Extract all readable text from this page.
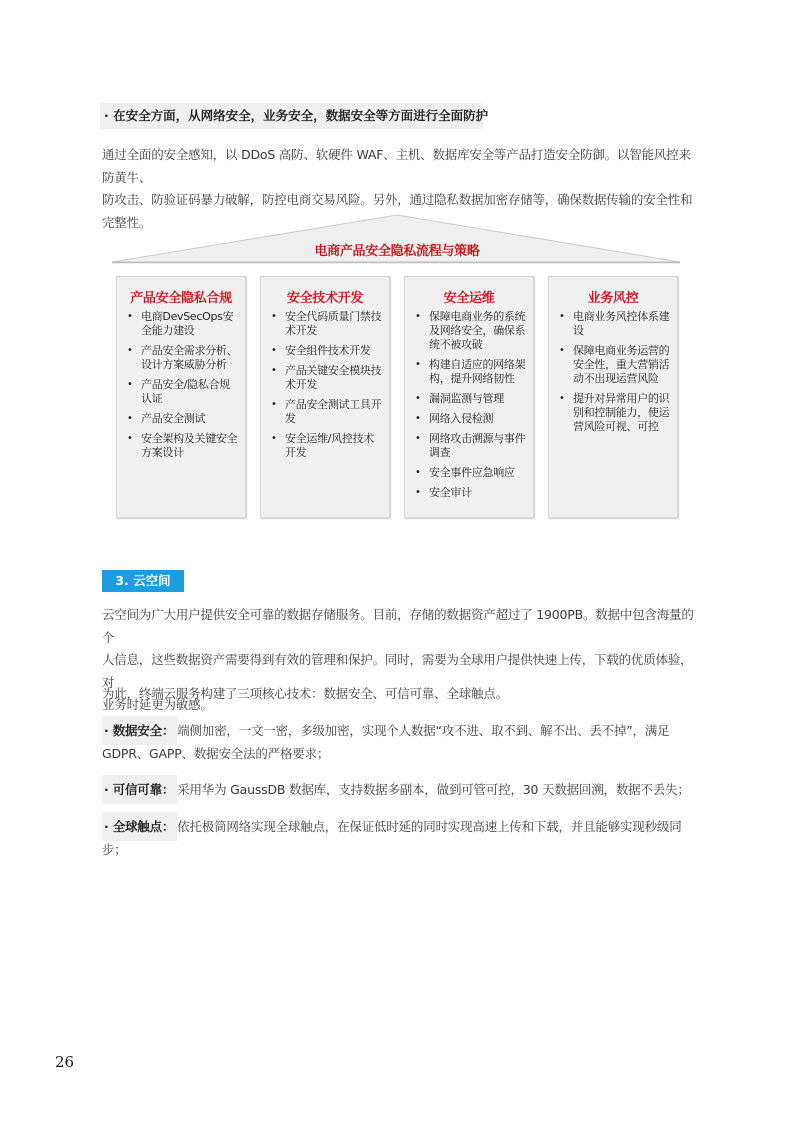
· 在安全方面，从网络安全，业务安全，数据安全等方面进行全面防护
通过全面的安全感知，以 DDoS 高防、软硬件 WAF、主机、数据库安全等产品打造安全防御。以智能风控来防黄牛、
防攻击、防验证码暴力破解，防控电商交易风险。另外，通过隐私数据加密存储等，确保数据传输的安全性和完整性。
电商产品安全隐私流程与策略
产品安全隐私合规
• 电商DevSecOps安全能力建设
• 产品安全需求分析、设计方案威胁分析
• 产品安全/隐私合规认证
• 产品安全测试
• 安全架构及关键安全方案设计
安全技术开发
• 安全代码质量门禁技术开发
• 安全组件技术开发
• 产品关键安全模块技术开发
• 产品安全测试工具开发
• 安全运维/风控技术开发
安全运维
• 保障电商业务的系统及网络安全，确保系统不被攻破
• 构建自适应的网络架构，提升网络韧性
• 漏洞监测与管理
• 网络入侵检测
• 网络攻击溯源与事件调查
• 安全事件应急响应
• 安全审计
业务风控
• 电商业务风控体系建设
• 保障电商业务运营的安全性，重大营销活动不出现运营风险
• 提升对异常用户的识别和控制能力，使运营风险可视、可控
3. 云空间
云空间为广大用户提供安全可靠的数据存储服务。目前，存储的数据资产超过了 1900PB。数据中包含海量的个
人信息，这些数据资产需要得到有效的管理和保护。同时，需要为全球用户提供快速上传，下载的优质体验，对
业务时延更为敏感。
为此，终端云服务构建了三项核心技术：数据安全、可信可靠、全球触点。
· 数据安全： 端侧加密，一文一密，多级加密，实现个人数据“攻不进、取不到、解不出、丢不掉”，满足
GDPR、GAPP、数据安全法的严格要求；
· 可信可靠： 采用华为 GaussDB 数据库，支持数据多副本，做到可管可控，30 天数据回溯，数据不丢失；
· 全球触点： 依托极简网络实现全球触点，在保证低时延的同时实现高速上传和下载，并且能够实现秒级同步；
26
